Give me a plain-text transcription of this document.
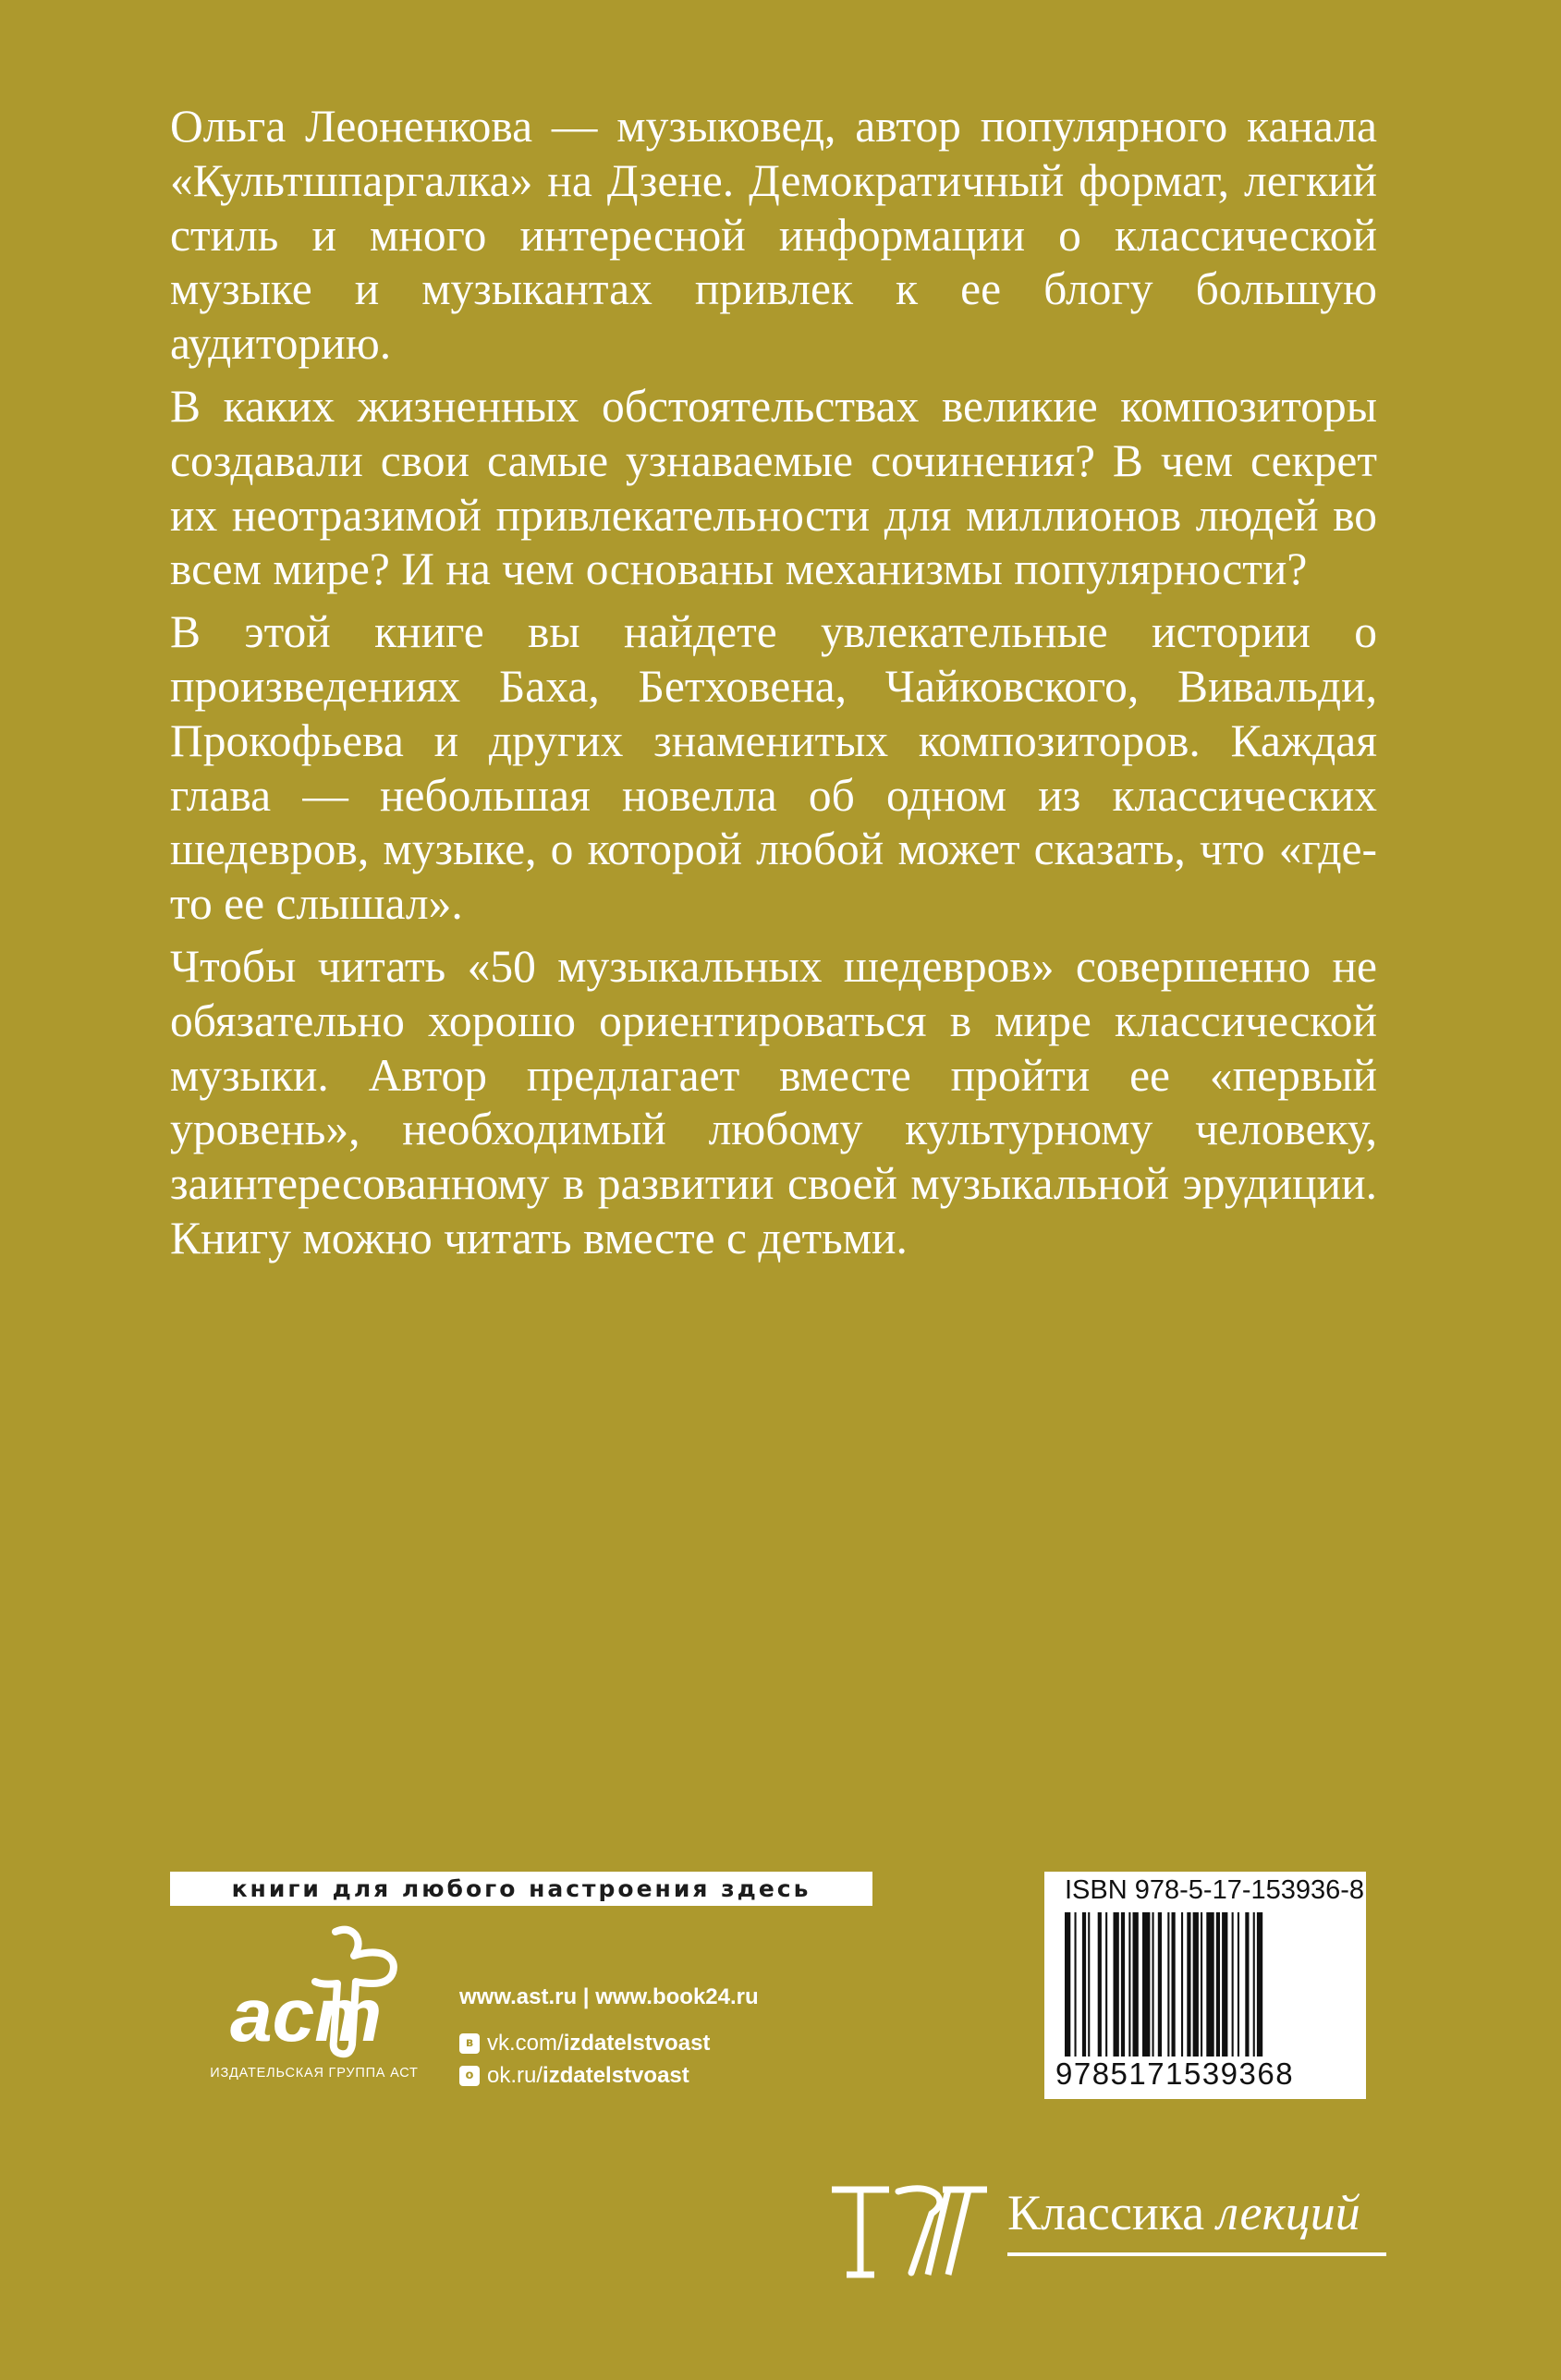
Ольга Леоненкова — музыковед, автор популярного канала «Культшпаргалка» на Дзене. Демократичный формат, легкий стиль и много интересной информации о классической музыке и музыкантах привлек к ее блогу большую аудиторию.

В каких жизненных обстоятельствах великие композиторы создавали свои самые узнаваемые сочинения? В чем секрет их неотразимой привлекательности для миллионов людей во всем мире? И на чем основаны механизмы популярности?

В этой книге вы найдете увлекательные истории о произведениях Баха, Бетховена, Чайковского, Вивальди, Прокофьева и других знаменитых композиторов. Каждая глава — небольшая новелла об одном из классических шедевров, музыке, о которой любой может сказать, что «где-то ее слышал».

Чтобы читать «50 музыкальных шедевров» совершенно не обязательно хорошо ориентироваться в мире классической музыки. Автор предлагает вместе пройти ее «первый уровень», необходимый любому культурному человеку, заинтересованному в развитии своей музыкальной эрудиции. Книгу можно читать вместе с детьми.

книги для любого настроения здесь
аст
ИЗДАТЕЛЬСКАЯ ГРУППА АСТ
www.ast.ru | www.book24.ru
в vk.com/ izdatelstvoast
о ok.ru/ izdatelstvoast
ISBN 978-5-17-153936-8
9785171539368
Классика лекций
